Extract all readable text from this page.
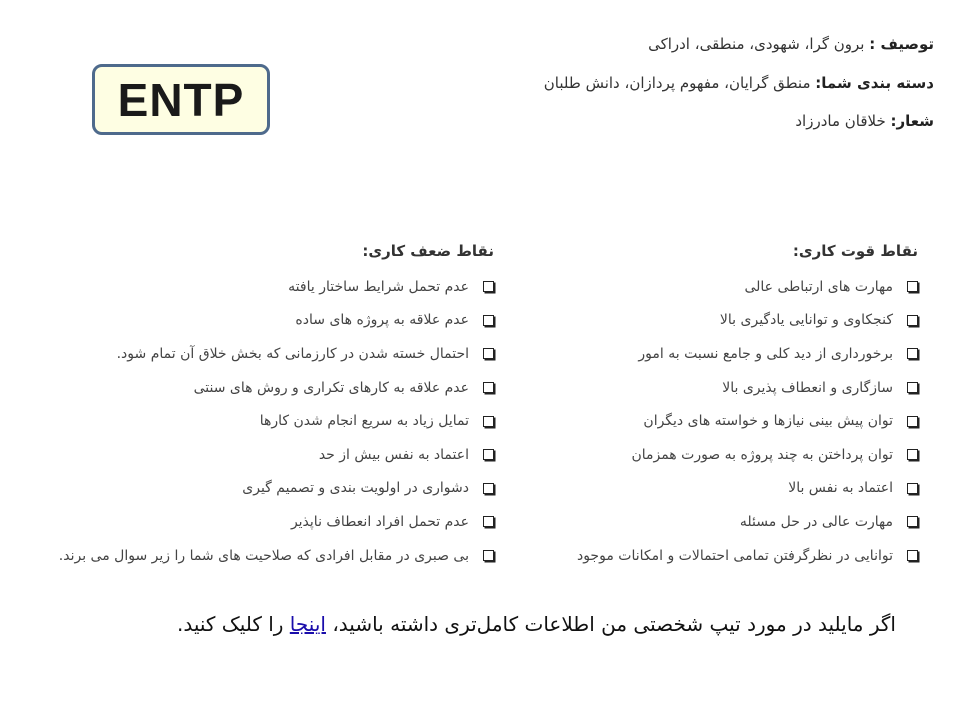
ENTP
توصیف : برون گرا، شهودی، منطقی، ادراکی
دسته بندی شما: منطق گرایان، مفهوم پردازان، دانش طلبان
شعار: خلاقان مادرزاد
نقاط قوت کاری:
مهارت های ارتباطی عالی
کنجکاوی و توانایی یادگیری بالا
برخورداری از دید کلی و جامع نسبت به امور
سازگاری و انعطاف پذیری بالا
توان پیش بینی نیازها و خواسته های دیگران
توان پرداختن به چند پروژه به صورت همزمان
اعتماد به نفس بالا
مهارت عالی در حل مسئله
توانایی در نظرگرفتن تمامی احتمالات و امکانات موجود
نقاط ضعف کاری:
عدم تحمل شرایط ساختار یافته
عدم علاقه به پروژه های ساده
احتمال خسته شدن در کارزمانی که بخش خلاق آن تمام شود.
عدم علاقه به کارهای تکراری و روش های سنتی
تمایل زیاد به سریع انجام شدن کارها
اعتماد به نفس بیش از حد
دشواری در اولویت بندی و تصمیم گیری
عدم تحمل افراد انعطاف ناپذیر
بی صبری در مقابل افرادی که صلاحیت های شما را زیر سوال می برند.
اگر مایلید در مورد تیپ شخصتی من اطلاعات کامل‌تری داشته باشید، اینجا را کلیک کنید.
